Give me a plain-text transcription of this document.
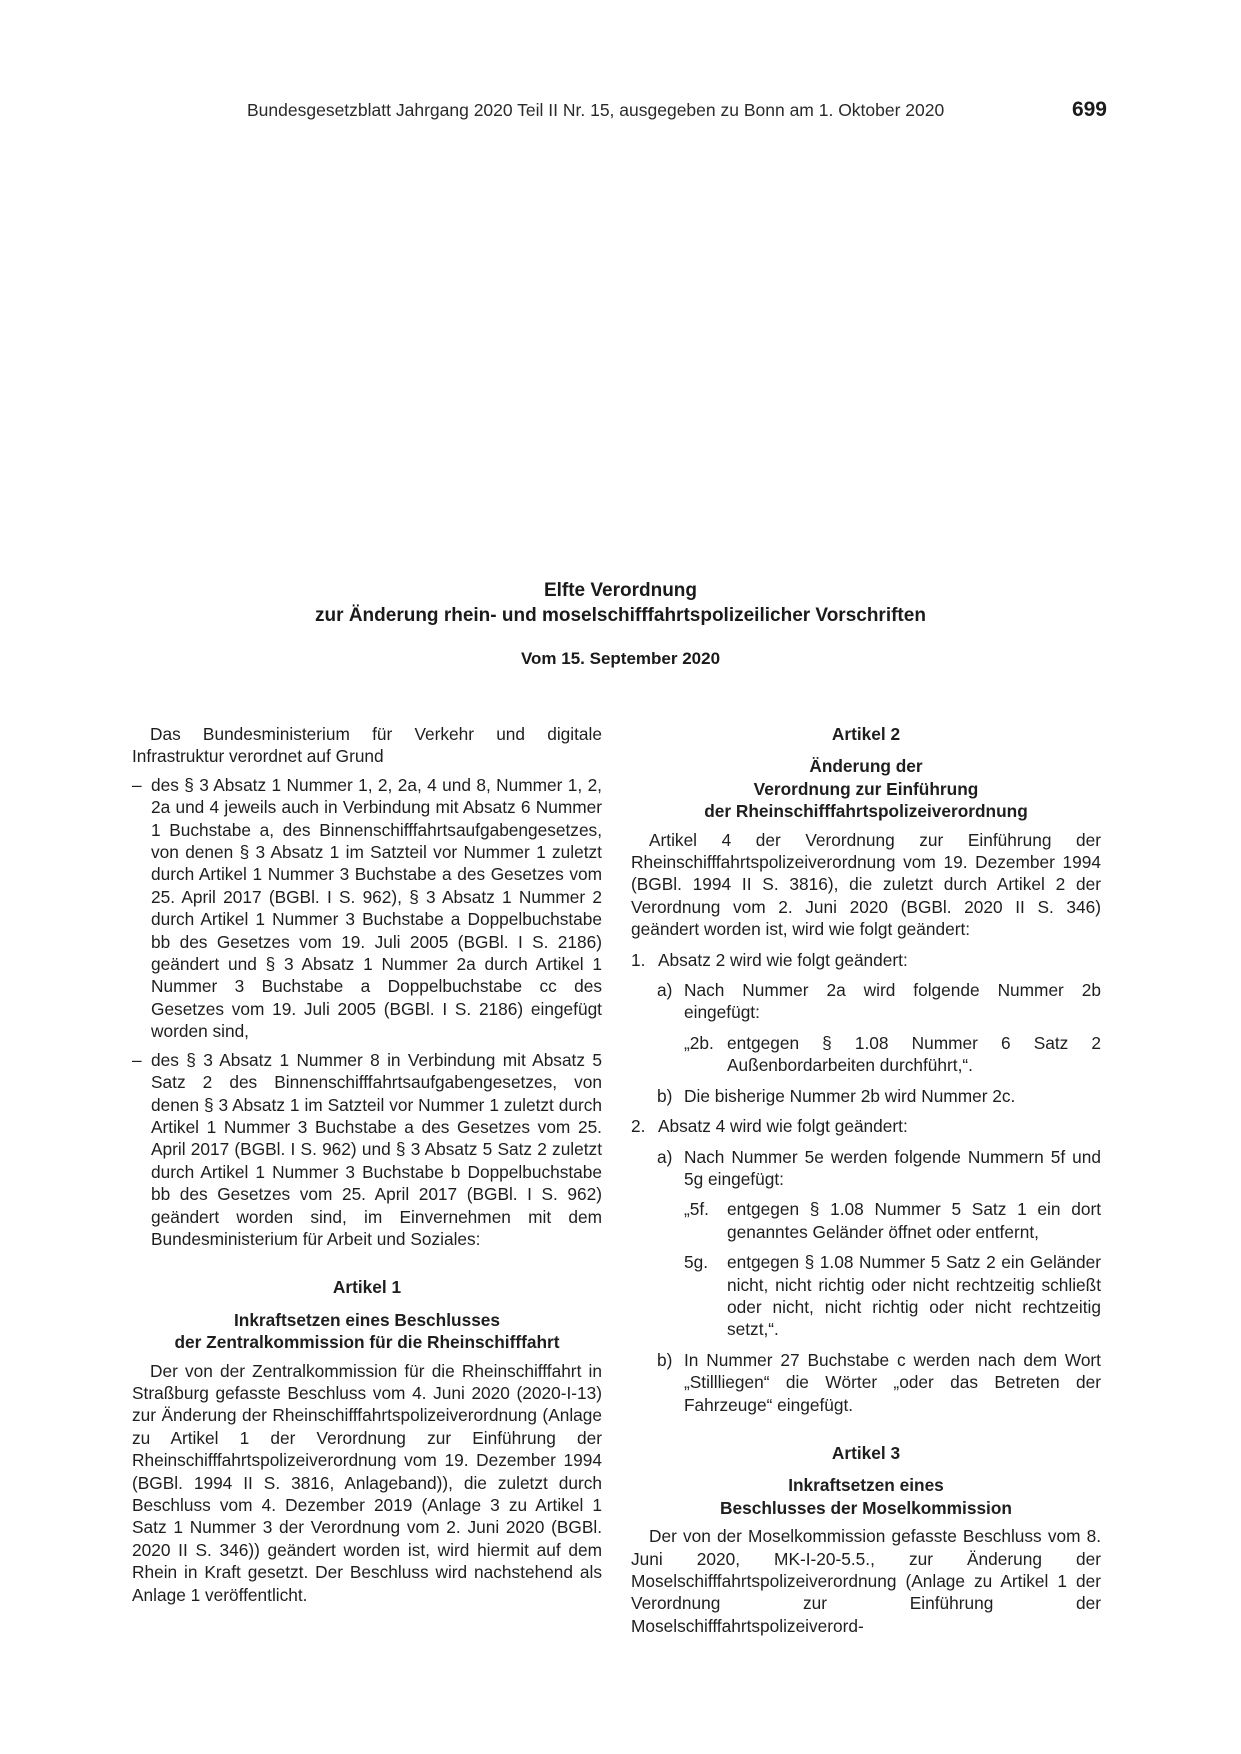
Bundesgesetzblatt Jahrgang 2020 Teil II Nr. 15, ausgegeben zu Bonn am 1. Oktober 2020	699
Elfte Verordnung
zur Änderung rhein- und moselschifffahrtspolizeilicher Vorschriften
Vom 15. September 2020

Das Bundesministerium für Verkehr und digitale Infrastruktur verordnet auf Grund

– des § 3 Absatz 1 Nummer 1, 2, 2a, 4 und 8, Nummer 1, 2, 2a und 4 jeweils auch in Verbindung mit Absatz 6 Nummer 1 Buchstabe a, des Binnenschifffahrtsaufgabengesetzes, von denen § 3 Absatz 1 im Satzteil vor Nummer 1 zuletzt durch Artikel 1 Nummer 3 Buchstabe a des Gesetzes vom 25. April 2017 (BGBl. I S. 962), § 3 Absatz 1 Nummer 2 durch Artikel 1 Nummer 3 Buchstabe a Doppelbuchstabe bb des Gesetzes vom 19. Juli 2005 (BGBl. I S. 2186) geändert und § 3 Absatz 1 Nummer 2a durch Artikel 1 Nummer 3 Buchstabe a Doppelbuchstabe cc des Gesetzes vom 19. Juli 2005 (BGBl. I S. 2186) eingefügt worden sind,
– des § 3 Absatz 1 Nummer 8 in Verbindung mit Absatz 5 Satz 2 des Binnenschifffahrtsaufgabengesetzes, von denen § 3 Absatz 1 im Satzteil vor Nummer 1 zuletzt durch Artikel 1 Nummer 3 Buchstabe a des Gesetzes vom 25. April 2017 (BGBl. I S. 962) und § 3 Absatz 5 Satz 2 zuletzt durch Artikel 1 Nummer 3 Buchstabe b Doppelbuchstabe bb des Gesetzes vom 25. April 2017 (BGBl. I S. 962) geändert worden sind, im Einvernehmen mit dem Bundesministerium für Arbeit und Soziales:
Artikel 1
Inkraftsetzen eines Beschlusses
der Zentralkommission für die Rheinschifffahrt

Der von der Zentralkommission für die Rheinschifffahrt in Straßburg gefasste Beschluss vom 4. Juni 2020 (2020-I-13) zur Änderung der Rheinschifffahrtspolizeiverordnung (Anlage zu Artikel 1 der Verordnung zur Einführung der Rheinschifffahrtspolizeiverordnung vom 19. Dezember 1994 (BGBl. 1994 II S. 3816, Anlageband)), die zuletzt durch Beschluss vom 4. Dezember 2019 (Anlage 3 zu Artikel 1 Satz 1 Nummer 3 der Verordnung vom 2. Juni 2020 (BGBl. 2020 II S. 346)) geändert worden ist, wird hiermit auf dem Rhein in Kraft gesetzt. Der Beschluss wird nachstehend als Anlage 1 veröffentlicht.

Artikel 2
Änderung der
Verordnung zur Einführung
der Rheinschifffahrtspolizeiverordnung

Artikel 4 der Verordnung zur Einführung der Rheinschifffahrtspolizeiverordnung vom 19. Dezember 1994 (BGBl. 1994 II S. 3816), die zuletzt durch Artikel 2 der Verordnung vom 2. Juni 2020 (BGBl. 2020 II S. 346) geändert worden ist, wird wie folgt geändert:

1. Absatz 2 wird wie folgt geändert:
a) Nach Nummer 2a wird folgende Nummer 2b eingefügt:
„2b. entgegen § 1.08 Nummer 6 Satz 2 Außenbordarbeiten durchführt,“.
b) Die bisherige Nummer 2b wird Nummer 2c.
2. Absatz 4 wird wie folgt geändert:
a) Nach Nummer 5e werden folgende Nummern 5f und 5g eingefügt:
„5f. entgegen § 1.08 Nummer 5 Satz 1 ein dort genanntes Geländer öffnet oder entfernt,
5g. entgegen § 1.08 Nummer 5 Satz 2 ein Geländer nicht, nicht richtig oder nicht rechtzeitig schließt oder nicht, nicht richtig oder nicht rechtzeitig setzt,“.
b) In Nummer 27 Buchstabe c werden nach dem Wort „Stillliegen“ die Wörter „oder das Betreten der Fahrzeuge“ eingefügt.
Artikel 3
Inkraftsetzen eines
Beschlusses der Moselkommission

Der von der Moselkommission gefasste Beschluss vom 8. Juni 2020, MK-I-20-5.5., zur Änderung der Moselschifffahrtspolizeiverordnung (Anlage zu Artikel 1 der Verordnung zur Einführung der Moselschifffahrtspolizeiverord-
